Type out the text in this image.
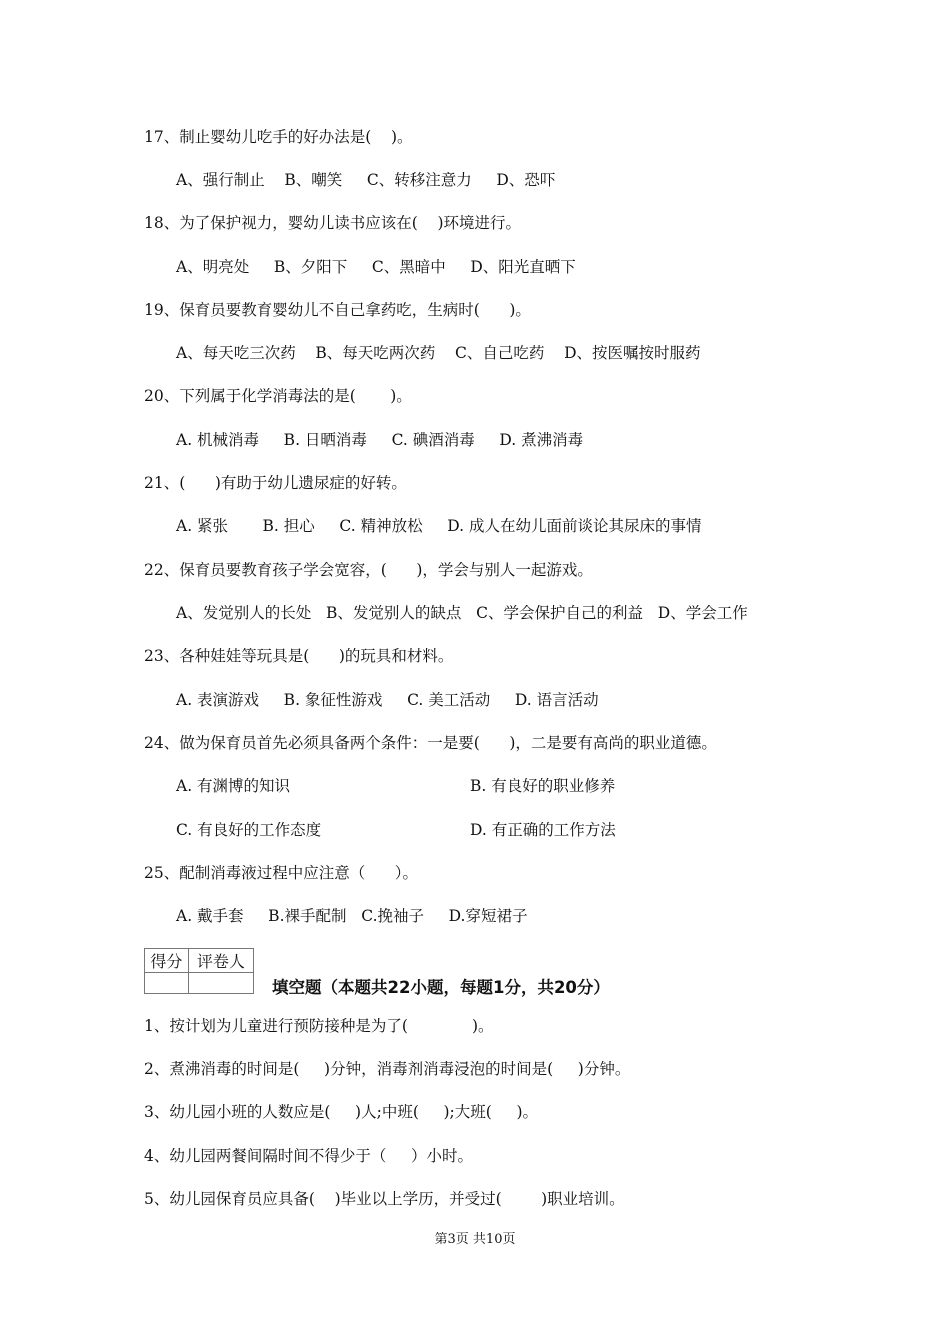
17、制止婴幼儿吃手的好办法是(    )。
A、强行制止    B、嘲笑     C、转移注意力     D、恐吓
18、为了保护视力，婴幼儿读书应该在(    )环境进行。
A、明亮处     B、夕阳下     C、黑暗中     D、阳光直晒下
19、保育员要教育婴幼儿不自己拿药吃，生病时(      )。
A、每天吃三次药    B、每天吃两次药    C、自己吃药    D、按医嘱按时服药
20、下列属于化学消毒法的是(       )。
A. 机械消毒     B. 日晒消毒     C. 碘酒消毒     D. 煮沸消毒
21、(      )有助于幼儿遗尿症的好转。
A. 紧张       B. 担心     C. 精神放松     D. 成人在幼儿面前谈论其尿床的事情
22、保育员要教育孩子学会宽容，(      )，学会与别人一起游戏。
A、发觉别人的长处   B、发觉别人的缺点   C、学会保护自己的利益   D、学会工作
23、各种娃娃等玩具是(      )的玩具和材料。
A. 表演游戏     B. 象征性游戏     C. 美工活动     D. 语言活动
24、做为保育员首先必须具备两个条件：一是要(      )，二是要有高尚的职业道德。
A. 有渊博的知识	B. 有良好的职业修养
C. 有良好的工作态度	D. 有正确的工作方法
25、配制消毒液过程中应注意（      ）。
A. 戴手套     B.裸手配制   C.挽袖子     D.穿短裙子
得分	评卷人

填空题（本题共22小题，每题1分，共20分）
1、按计划为儿童进行预防接种是为了(             )。
2、煮沸消毒的时间是(     )分钟，消毒剂消毒浸泡的时间是(     )分钟。
3、幼儿园小班的人数应是(     )人;中班(     );大班(     )。
4、幼儿园两餐间隔时间不得少于（     ）小时。
5、幼儿园保育员应具备(    )毕业以上学历，并受过(        )职业培训。
第3页 共10页
